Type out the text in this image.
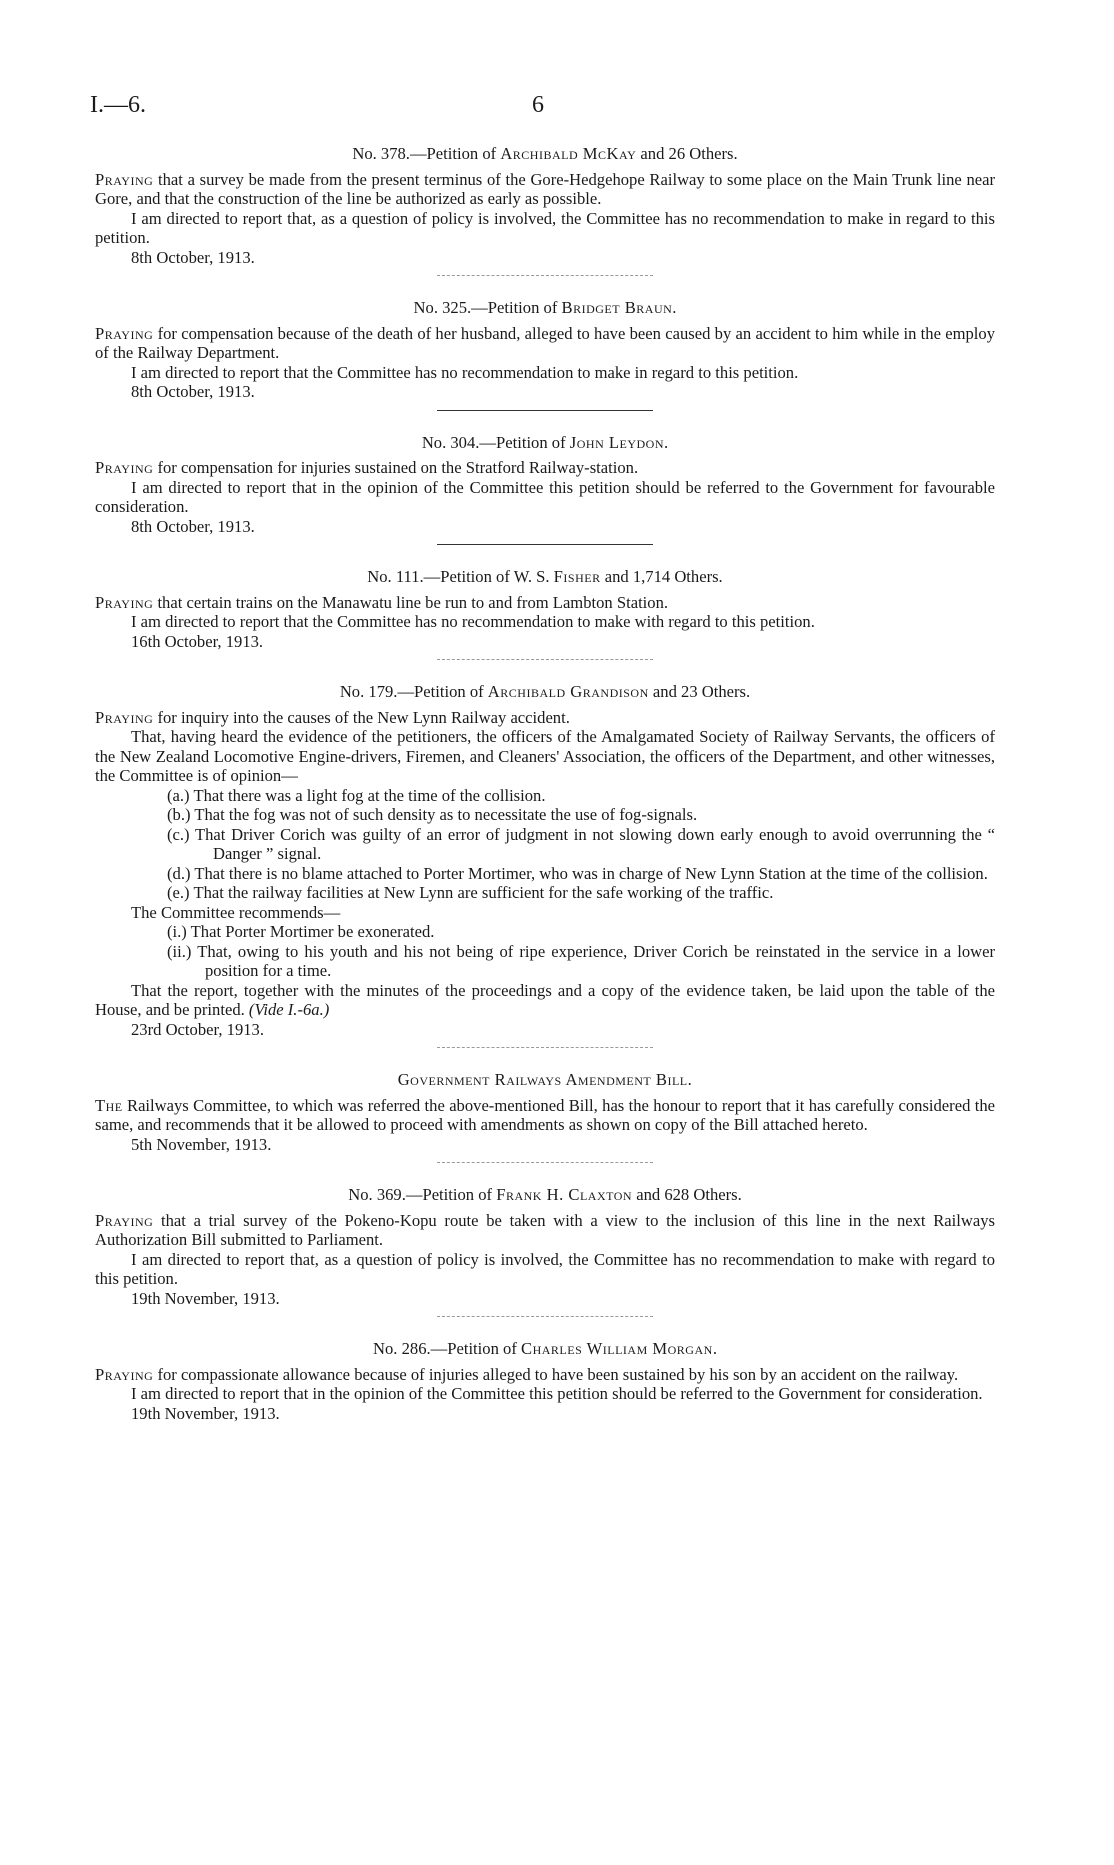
I.—6.	6

No. 378.—Petition of Archibald McKay and 26 Others.

Praying that a survey be made from the present terminus of the Gore-Hedgehope Railway to some place on the Main Trunk line near Gore, and that the construction of the line be authorized as early as possible.

I am directed to report that, as a question of policy is involved, the Committee has no recommendation to make in regard to this petition.

8th October, 1913.

No. 325.—Petition of Bridget Braun.

Praying for compensation because of the death of her husband, alleged to have been caused by an accident to him while in the employ of the Railway Department.

I am directed to report that the Committee has no recommendation to make in regard to this petition.

8th October, 1913.

No. 304.—Petition of John Leydon.

Praying for compensation for injuries sustained on the Stratford Railway-station.

I am directed to report that in the opinion of the Committee this petition should be referred to the Government for favourable consideration.

8th October, 1913.

No. 111.—Petition of W. S. Fisher and 1,714 Others.

Praying that certain trains on the Manawatu line be run to and from Lambton Station.

I am directed to report that the Committee has no recommendation to make with regard to this petition.

16th October, 1913.

No. 179.—Petition of Archibald Grandison and 23 Others.

Praying for inquiry into the causes of the New Lynn Railway accident.

That, having heard the evidence of the petitioners, the officers of the Amalgamated Society of Railway Servants, the officers of the New Zealand Locomotive Engine-drivers, Firemen, and Cleaners' Association, the officers of the Department, and other witnesses, the Committee is of opinion—

(a.) That there was a light fog at the time of the collision.
(b.) That the fog was not of such density as to necessitate the use of fog-signals.
(c.) That Driver Corich was guilty of an error of judgment in not slowing down early enough to avoid overrunning the “ Danger ” signal.
(d.) That there is no blame attached to Porter Mortimer, who was in charge of New Lynn Station at the time of the collision.
(e.) That the railway facilities at New Lynn are sufficient for the safe working of the traffic.

The Committee recommends—

(i.) That Porter Mortimer be exonerated.
(ii.) That, owing to his youth and his not being of ripe experience, Driver Corich be reinstated in the service in a lower position for a time.

That the report, together with the minutes of the proceedings and a copy of the evidence taken, be laid upon the table of the House, and be printed. (Vide I.-6a.)

23rd October, 1913.

Government Railways Amendment Bill.

The Railways Committee, to which was referred the above-mentioned Bill, has the honour to report that it has carefully considered the same, and recommends that it be allowed to proceed with amendments as shown on copy of the Bill attached hereto.

5th November, 1913.

No. 369.—Petition of Frank H. Claxton and 628 Others.

Praying that a trial survey of the Pokeno-Kopu route be taken with a view to the inclusion of this line in the next Railways Authorization Bill submitted to Parliament.

I am directed to report that, as a question of policy is involved, the Committee has no recommendation to make with regard to this petition.

19th November, 1913.

No. 286.—Petition of Charles William Morgan.

Praying for compassionate allowance because of injuries alleged to have been sustained by his son by an accident on the railway.

I am directed to report that in the opinion of the Committee this petition should be referred to the Government for consideration.

19th November, 1913.
